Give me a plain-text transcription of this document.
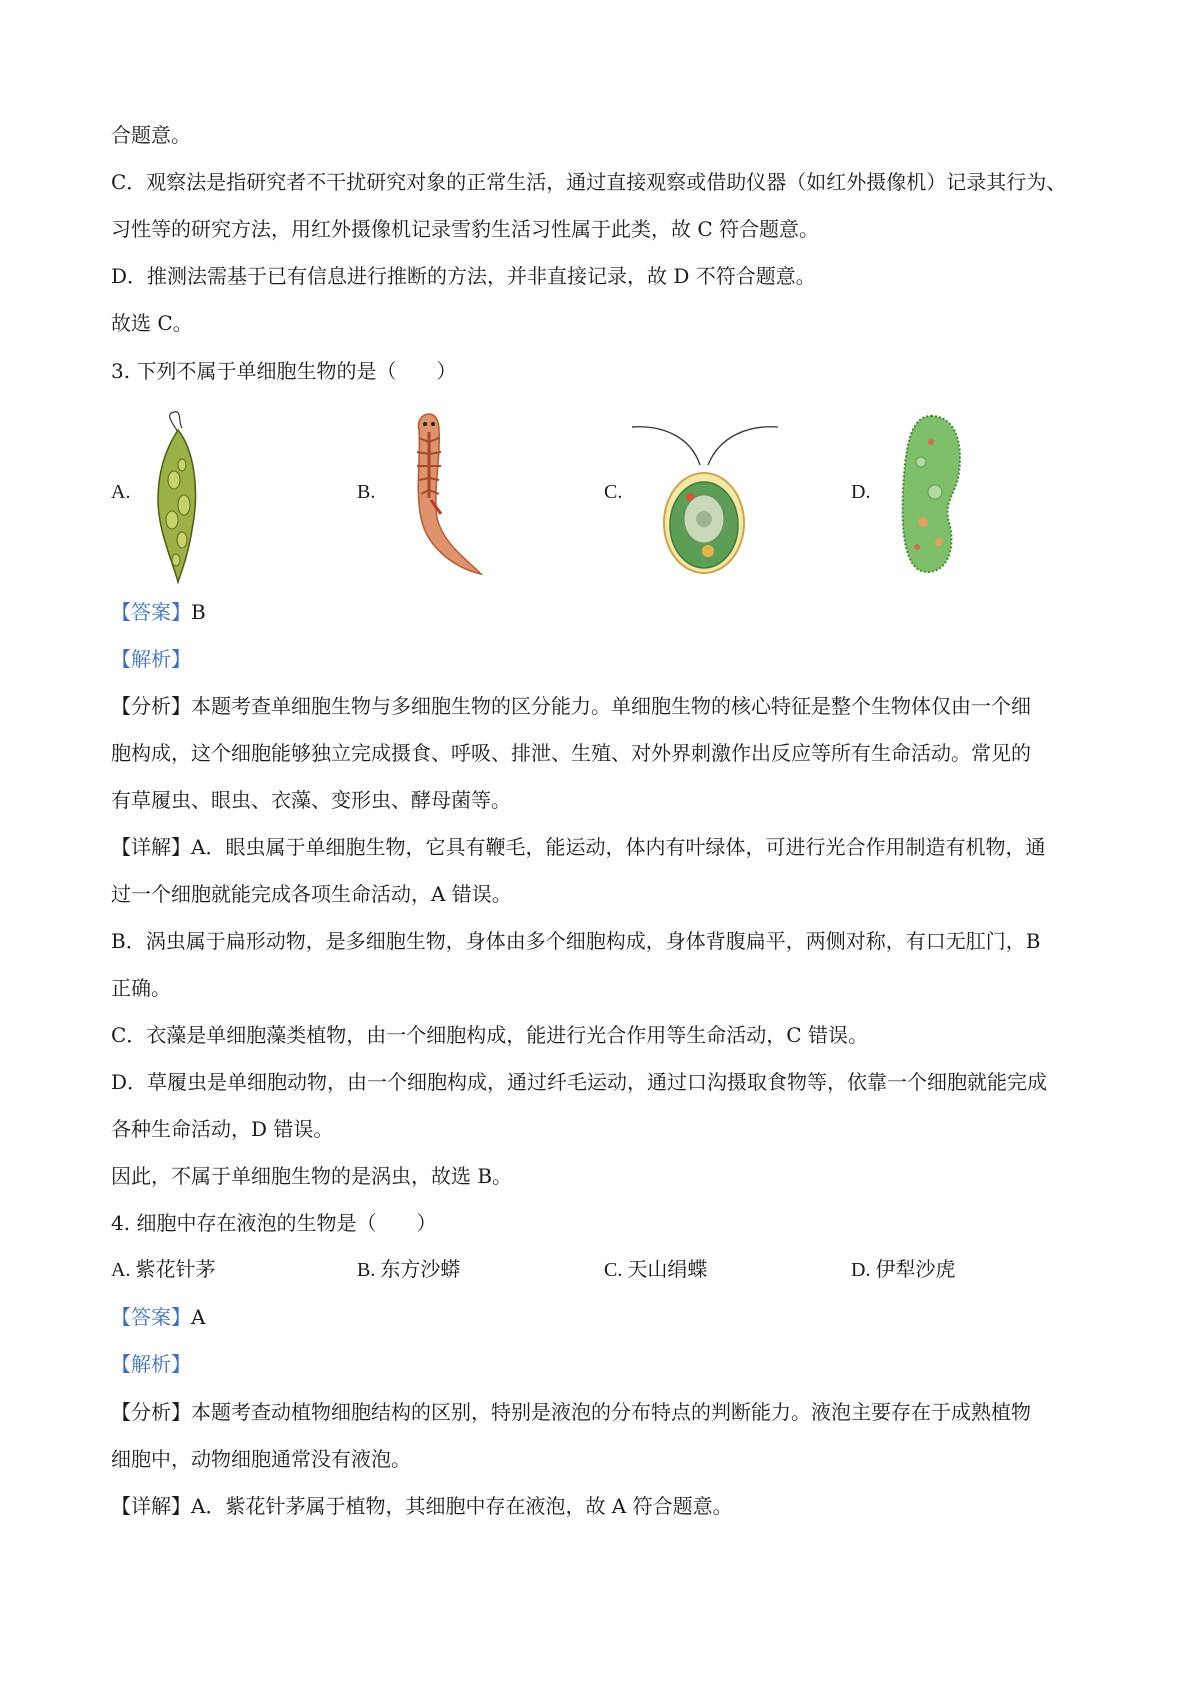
合题意。
C．观察法是指研究者不干扰研究对象的正常生活，通过直接观察或借助仪器（如红外摄像机）记录其行为、
习性等的研究方法，用红外摄像机记录雪豹生活习性属于此类，故 C 符合题意。
D．推测法需基于已有信息进行推断的方法，并非直接记录，故 D 不符合题意。
故选 C。
3. 下列不属于单细胞生物的是（　　）
A.	B.	C.	D.
【答案】B
【解析】
【分析】本题考查单细胞生物与多细胞生物的区分能力。单细胞生物的核心特征是整个生物体仅由一个细
胞构成，这个细胞能够独立完成摄食、呼吸、排泄、生殖、对外界刺激作出反应等所有生命活动。常见的
有草履虫、眼虫、衣藻、变形虫、酵母菌等。
【详解】A．眼虫属于单细胞生物，它具有鞭毛，能运动，体内有叶绿体，可进行光合作用制造有机物，通
过一个细胞就能完成各项生命活动，A 错误。
B．涡虫属于扁形动物，是多细胞生物，身体由多个细胞构成，身体背腹扁平，两侧对称，有口无肛门，B
正确。
C．衣藻是单细胞藻类植物，由一个细胞构成，能进行光合作用等生命活动，C 错误。
D．草履虫是单细胞动物，由一个细胞构成，通过纤毛运动，通过口沟摄取食物等，依靠一个细胞就能完成
各种生命活动，D 错误。
因此，不属于单细胞生物的是涡虫，故选 B。
4. 细胞中存在液泡的生物是（　　）
A. 紫花针茅	B. 东方沙蟒	C. 天山绢蝶	D. 伊犁沙虎
【答案】A
【解析】
【分析】本题考查动植物细胞结构的区别，特别是液泡的分布特点的判断能力。液泡主要存在于成熟植物
细胞中，动物细胞通常没有液泡。
【详解】A．紫花针茅属于植物，其细胞中存在液泡，故 A 符合题意。
